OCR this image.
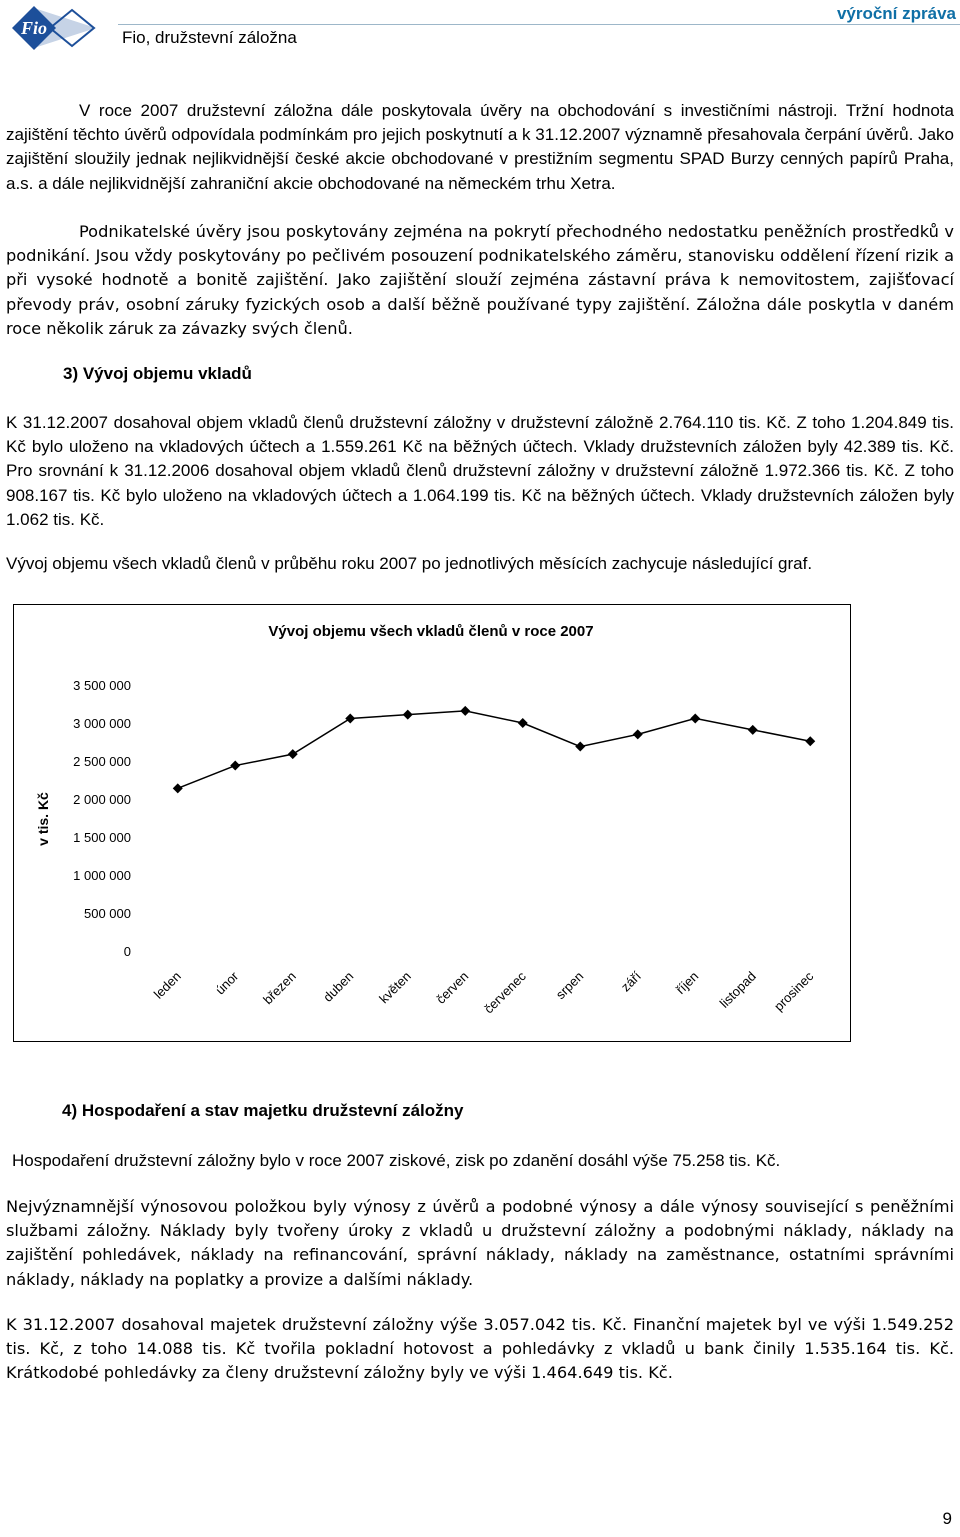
Fio	Fio, družstevní záložna
výroční zpráva

V roce 2007 družstevní záložna dále poskytovala úvěry na obchodování s investičními nástroji. Tržní hodnota zajištění těchto úvěrů odpovídala podmínkám pro jejich poskytnutí a k 31.12.2007 významně přesahovala čerpání úvěrů. Jako zajištění sloužily jednak nejlikvidnější české akcie obchodované v prestižním segmentu SPAD Burzy cenných papírů Praha, a.s. a dále nejlikvidnější zahraniční akcie obchodované na německém trhu Xetra.

Podnikatelské úvěry jsou poskytovány zejména na pokrytí přechodného nedostatku peněžních prostředků v podnikání. Jsou vždy poskytovány po pečlivém posouzení podnikatelského záměru, stanovisku oddělení řízení rizik a při vysoké hodnotě a bonitě zajištění. Jako zajištění slouží zejména zástavní práva k nemovitostem, zajišťovací převody práv, osobní záruky fyzických osob a další běžně používané typy zajištění. Záložna dále poskytla v daném roce několik záruk za závazky svých členů.

3) Vývoj objemu vkladů

K 31.12.2007 dosahoval objem vkladů členů družstevní záložny v družstevní záložně 2.764.110 tis. Kč. Z toho 1.204.849 tis. Kč bylo uloženo na vkladových účtech a 1.559.261 Kč na běžných účtech. Vklady družstevních záložen byly 42.389 tis. Kč. Pro srovnání k 31.12.2006 dosahoval objem vkladů členů družstevní záložny v družstevní záložně 1.972.366 tis. Kč. Z toho 908.167 tis. Kč bylo uloženo na vkladových účtech a 1.064.199 tis. Kč na běžných účtech. Vklady družstevních záložen byly 1.062 tis. Kč.

Vývoj objemu všech vkladů členů v průběhu roku 2007 po jednotlivých měsících zachycuje následující graf.

Vývoj objemu všech vkladů členů v roce 2007
v tis. Kč
0
500 000
1 000 000
1 500 000
2 000 000
2 500 000
3 000 000
3 500 000
leden únor březen duben květen červen červenec srpen září říjen listopad prosinec
4) Hospodaření a stav majetku družstevní záložny

Hospodaření družstevní záložny bylo v roce 2007 ziskové, zisk po zdanění dosáhl výše 75.258 tis. Kč.

Nejvýznamnější výnosovou položkou byly výnosy z úvěrů a podobné výnosy a dále výnosy související s peněžními službami záložny. Náklady byly tvořeny úroky z vkladů u družstevní záložny a podobnými náklady, náklady na zajištění pohledávek, náklady na refinancování, správní náklady, náklady na zaměstnance, ostatními správními náklady, náklady na poplatky a provize a dalšími náklady.

K 31.12.2007 dosahoval majetek družstevní záložny výše 3.057.042 tis. Kč. Finanční majetek byl ve výši 1.549.252 tis. Kč, z toho 14.088 tis. Kč tvořila pokladní hotovost a pohledávky z vkladů u bank činily 1.535.164 tis. Kč. Krátkodobé pohledávky za členy družstevní záložny byly ve výši 1.464.649 tis. Kč.

9
